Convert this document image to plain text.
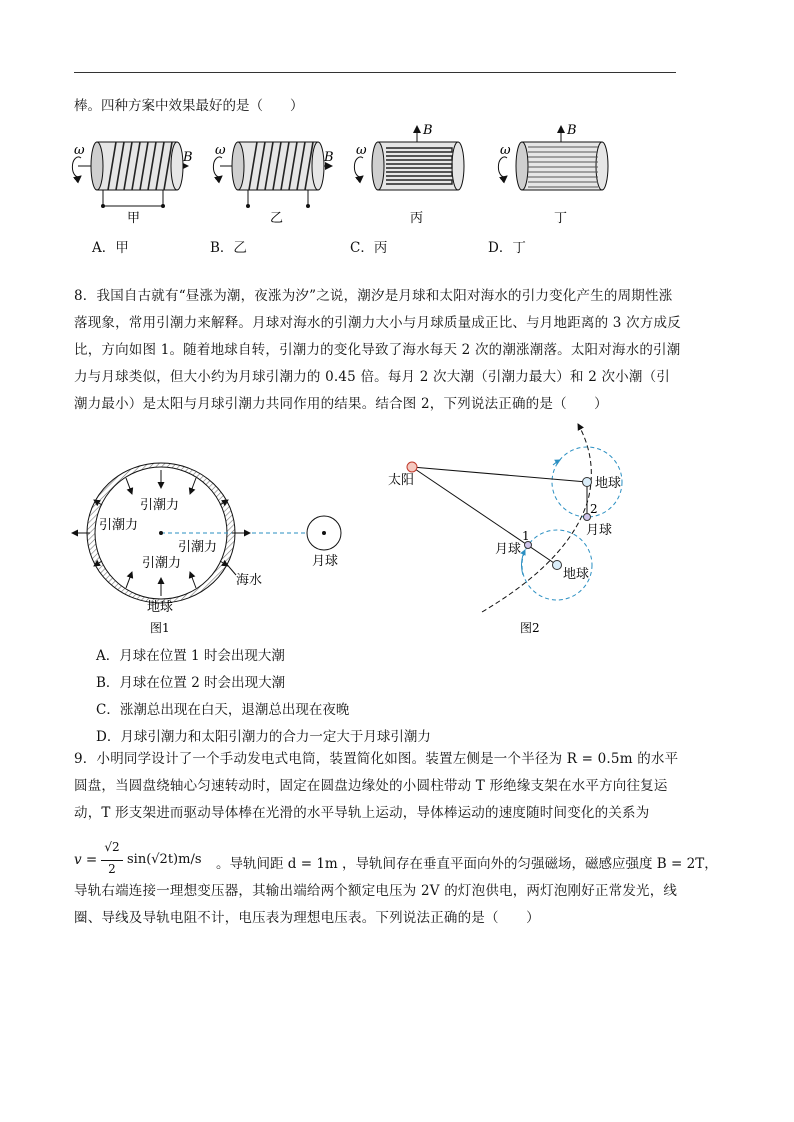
棒。四种方案中效果最好的是（　　）
ω	B
甲
ω	B
乙
ω
B
丙
ω
B
丁
A．甲	B．乙	C．丙	D．丁
8．我国自古就有“昼涨为潮，夜涨为汐”之说，潮汐是月球和太阳对海水的引力变化产生的周期性涨落现象，常用引潮力来解释。月球对海水的引潮力大小与月球质量成正比、与月地距离的 3 次方成反比，方向如图 1。随着地球自转，引潮力的变化导致了海水每天 2 次的潮涨潮落。太阳对海水的引潮力与月球类似，但大小约为月球引潮力的 0.45 倍。每月 2 次大潮（引潮力最大）和 2 次小潮（引潮力最小）是太阳与月球引潮力共同作用的结果。结合图 2，下列说法正确的是（　　）
引潮力
引潮力
引潮力
引潮力
地球
海水
月球
图1
太阳	地球
地球
2
月球
1
月球
图2
A．月球在位置 1 时会出现大潮
B．月球在位置 2 时会出现大潮
C．涨潮总出现在白天，退潮总出现在夜晚
D．月球引潮力和太阳引潮力的合力一定大于月球引潮力
9．小明同学设计了一个手动发电式电筒，装置简化如图。装置左侧是一个半径为 R = 0.5m 的水平圆盘，当圆盘绕轴心匀速转动时，固定在圆盘边缘处的小圆柱带动 T 形绝缘支架在水平方向往复运动，T 形支架进而驱动导体棒在光滑的水平导轨上运动，导体棒运动的速度随时间变化的关系为
v =
√2
2
sin(√2t)m/s 。导轨间距 d = 1m ，导轨间存在垂直平面向外的匀强磁场，磁感应强度 B = 2T，
导轨右端连接一理想变压器，其输出端给两个额定电压为 2V 的灯泡供电，两灯泡刚好正常发光，线圈、导线及导轨电阻不计，电压表为理想电压表。下列说法正确的是（　　）
